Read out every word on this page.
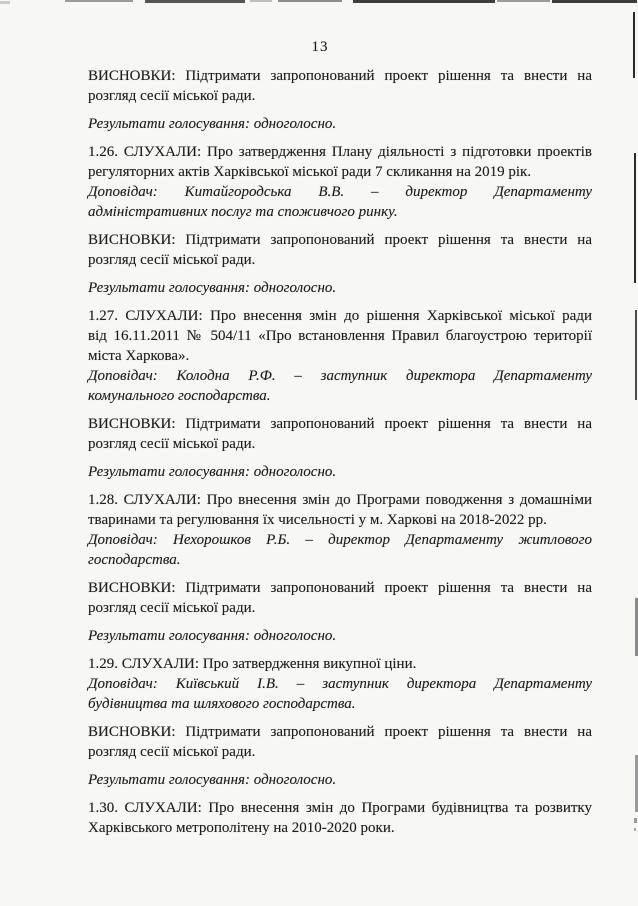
13
ВИСНОВКИ: Підтримати запропонований проект рішення та внести на
розгляд сесії міської ради.
Результати голосування: одноголосно.
1.26. СЛУХАЛИ: Про затвердження Плану діяльності з підготовки проектів
регуляторних актів Харківської міської ради 7 скликання на 2019 рік.
Доповідач: Китайгородська В.В. – директор Департаменту
адміністративних послуг та споживчого ринку.
ВИСНОВКИ: Підтримати запропонований проект рішення та внести на
розгляд сесії міської ради.
Результати голосування: одноголосно.
1.27. СЛУХАЛИ: Про внесення змін до рішення Харківської міської ради
від 16.11.2011 № 504/11 «Про встановлення Правил благоустрою території
міста Харкова».
Доповідач: Колодна Р.Ф. – заступник директора Департаменту
комунального господарства.
ВИСНОВКИ: Підтримати запропонований проект рішення та внести на
розгляд сесії міської ради.
Результати голосування: одноголосно.
1.28. СЛУХАЛИ: Про внесення змін до Програми поводження з домашніми
тваринами та регулювання їх чисельності у м. Харкові на 2018-2022 рр.
Доповідач: Нехорошков Р.Б. – директор Департаменту житлового
господарства.
ВИСНОВКИ: Підтримати запропонований проект рішення та внести на
розгляд сесії міської ради.
Результати голосування: одноголосно.
1.29. СЛУХАЛИ: Про затвердження викупної ціни.
Доповідач: Київський І.В. – заступник директора Департаменту
будівництва та шляхового господарства.
ВИСНОВКИ: Підтримати запропонований проект рішення та внести на
розгляд сесії міської ради.
Результати голосування: одноголосно.
1.30. СЛУХАЛИ: Про внесення змін до Програми будівництва та розвитку
Харківського метрополітену на 2010-2020 роки.
